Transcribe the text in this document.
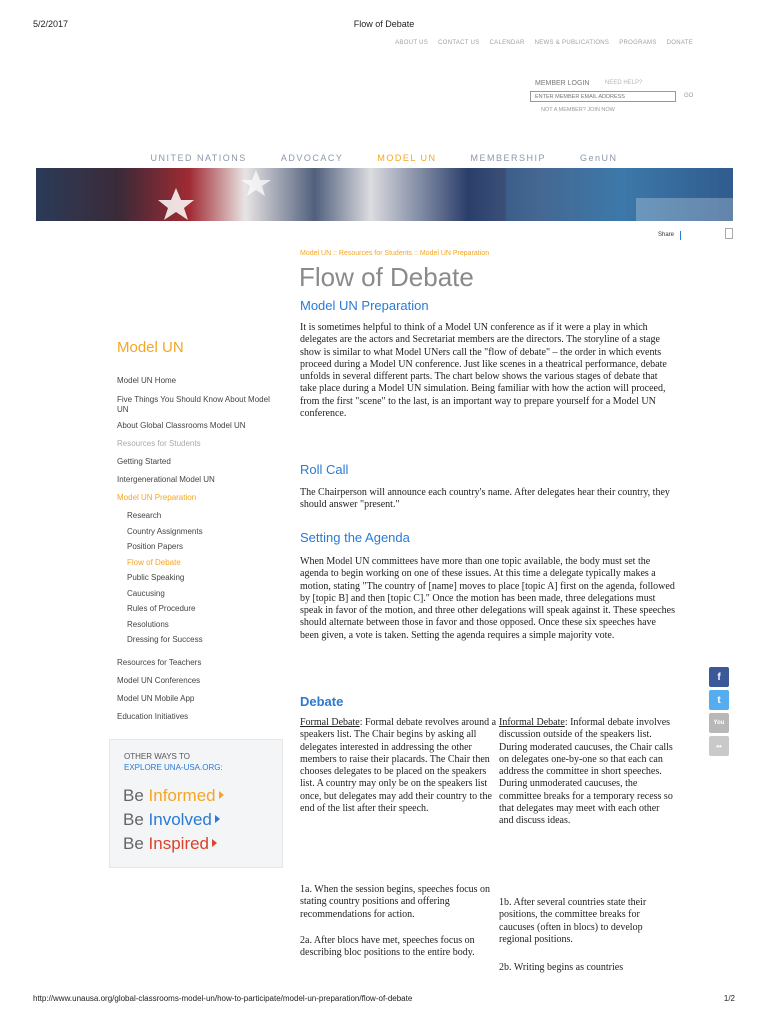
5/2/2017	Flow of Debate
ABOUT US CONTACT US CALENDAR NEWS & PUBLICATIONS PROGRAMS DONATE
MEMBER LOGIN	NEED HELP?
ENTER MEMBER EMAIL ADDRESS
GO
NOT A MEMBER? JOIN NOW
UNITED NATIONS	ADVOCACY	MODEL UN	MEMBERSHIP	GenUN
Share
Model UN
Model UN Home
Five Things You Should Know About Model UN
About Global Classrooms Model UN
Resources for Students
Getting Started
Intergenerational Model UN
Model UN Preparation
Research
Country Assignments
Position Papers
Flow of Debate
Public Speaking
Caucusing
Rules of Procedure
Resolutions
Dressing for Success
Resources for Teachers
Model UN Conferences
Model UN Mobile App
Education Initiatives
OTHER WAYS TO
EXPLORE UNA-USA.ORG:
Be Informed
Be Involved
Be Inspired
Model UN :: Resources for Students :: Model UN Preparation
Flow of Debate
Model UN Preparation

It is sometimes helpful to think of a Model UN conference as if it were a play in which delegates are the actors and Secretariat members are the directors. The storyline of a stage show is similar to what Model UNers call the "flow of debate" – the order in which events proceed during a Model UN conference. Just like scenes in a theatrical performance, debate unfolds in several different parts. The chart below shows the various stages of debate that take place during a Model UN simulation. Being familiar with how the action will proceed, from the first "scene" to the last, is an important way to prepare yourself for a Model UN conference.

Roll Call

The Chairperson will announce each country's name. After delegates hear their country, they should answer "present."

Setting the Agenda

When Model UN committees have more than one topic available, the body must set the agenda to begin working on one of these issues. At this time a delegate typically makes a motion, stating "The country of [name] moves to place [topic A] first on the agenda, followed by [topic B] and then [topic C]." Once the motion has been made, three delegations must speak in favor of the motion, and three other delegations will speak against it. These speeches should alternate between those in favor and those opposed. Once these six speeches have been given, a vote is taken. Setting the agenda requires a simple majority vote.

Debate

Formal Debate: Formal debate revolves around a speakers list. The Chair begins by asking all delegates interested in addressing the other members to raise their placards. The Chair then chooses delegates to be placed on the speakers list. A country may only be on the speakers list once, but delegates may add their country to the end of the list after their speech.

Informal Debate: Informal debate involves discussion outside of the speakers list. During moderated caucuses, the Chair calls on delegates one-by-one so that each can address the committee in short speeches. During unmoderated caucuses, the committee breaks for a temporary recess so that delegates may meet with each other and discuss ideas.

1a. When the session begins, speeches focus on stating country positions and offering recommendations for action.

2a. After blocs have met, speeches focus on describing bloc positions to the entire body.

1b. After several countries state their positions, the committee breaks for caucuses (often in blocs) to develop regional positions.

2b. Writing begins as countries

f
t
You
••
http://www.unausa.org/global-classrooms-model-un/how-to-participate/model-un-preparation/flow-of-debate	1/2
